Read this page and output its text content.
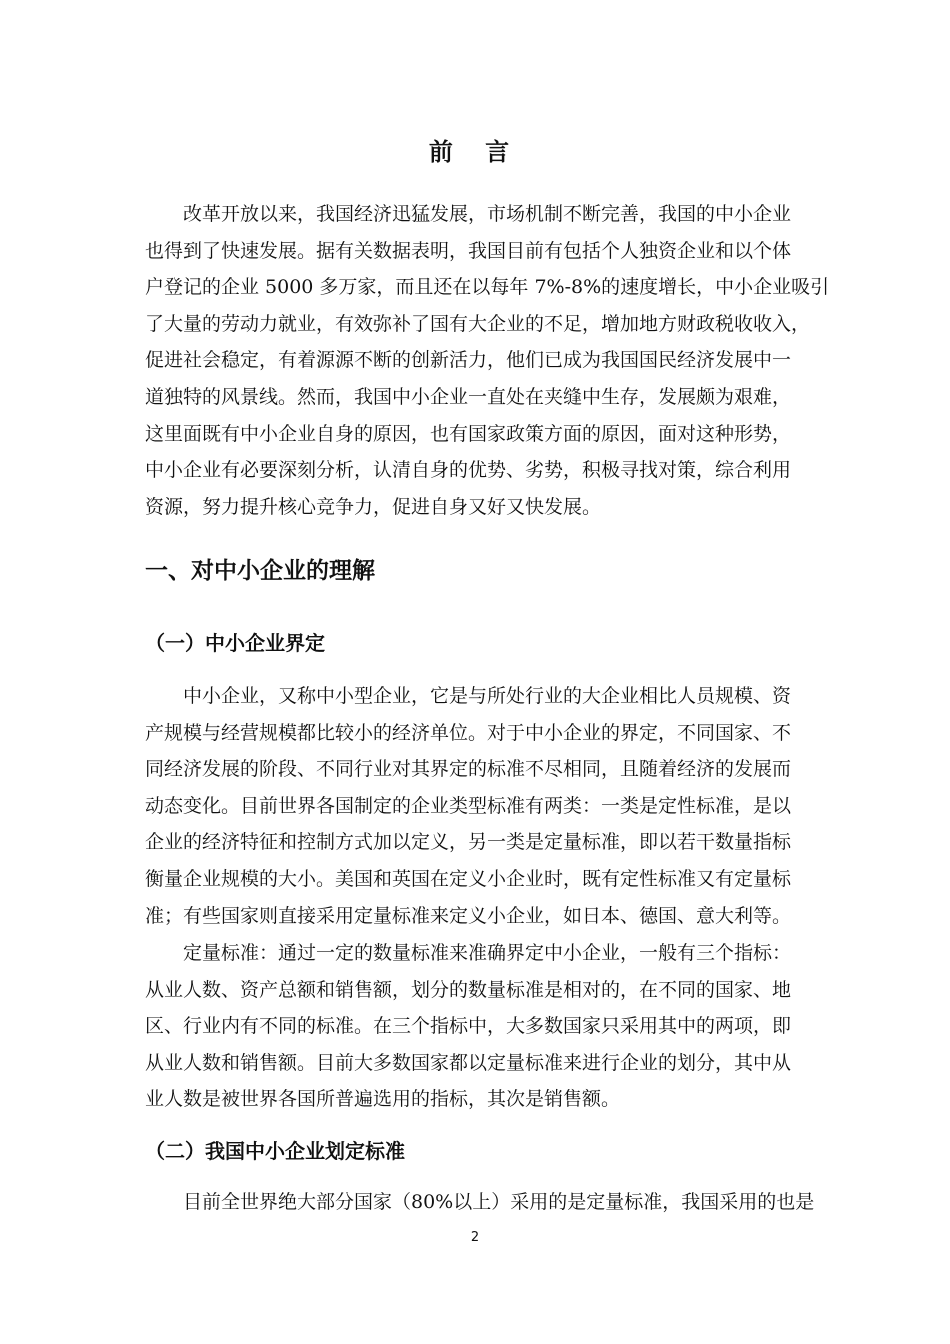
前 言

改革开放以来，我国经济迅猛发展，市场机制不断完善，我国的中小企业
也得到了快速发展。据有关数据表明，我国目前有包括个人独资企业和以个体
户登记的企业 5000 多万家，而且还在以每年 7%-8%的速度增长，中小企业吸引
了大量的劳动力就业，有效弥补了国有大企业的不足，增加地方财政税收收入，
促进社会稳定，有着源源不断的创新活力，他们已成为我国国民经济发展中一
道独特的风景线。然而，我国中小企业一直处在夹缝中生存，发展颇为艰难，
这里面既有中小企业自身的原因，也有国家政策方面的原因，面对这种形势，
中小企业有必要深刻分析，认清自身的优势、劣势，积极寻找对策，综合利用
资源，努力提升核心竞争力，促进自身又好又快发展。

一、对中小企业的理解
（一）中小企业界定

中小企业，又称中小型企业，它是与所处行业的大企业相比人员规模、资
产规模与经营规模都比较小的经济单位。对于中小企业的界定，不同国家、不
同经济发展的阶段、不同行业对其界定的标准不尽相同，且随着经济的发展而
动态变化。目前世界各国制定的企业类型标准有两类：一类是定性标准，是以
企业的经济特征和控制方式加以定义，另一类是定量标准，即以若干数量指标
衡量企业规模的大小。美国和英国在定义小企业时，既有定性标准又有定量标
准；有些国家则直接采用定量标准来定义小企业，如日本、德国、意大利等。

定量标准：通过一定的数量标准来准确界定中小企业，一般有三个指标：
从业人数、资产总额和销售额，划分的数量标准是相对的，在不同的国家、地
区、行业内有不同的标准。在三个指标中，大多数国家只采用其中的两项，即
从业人数和销售额。目前大多数国家都以定量标准来进行企业的划分，其中从
业人数是被世界各国所普遍选用的指标，其次是销售额。

（二）我国中小企业划定标准

目前全世界绝大部分国家（80%以上）采用的是定量标准，我国采用的也是

2
